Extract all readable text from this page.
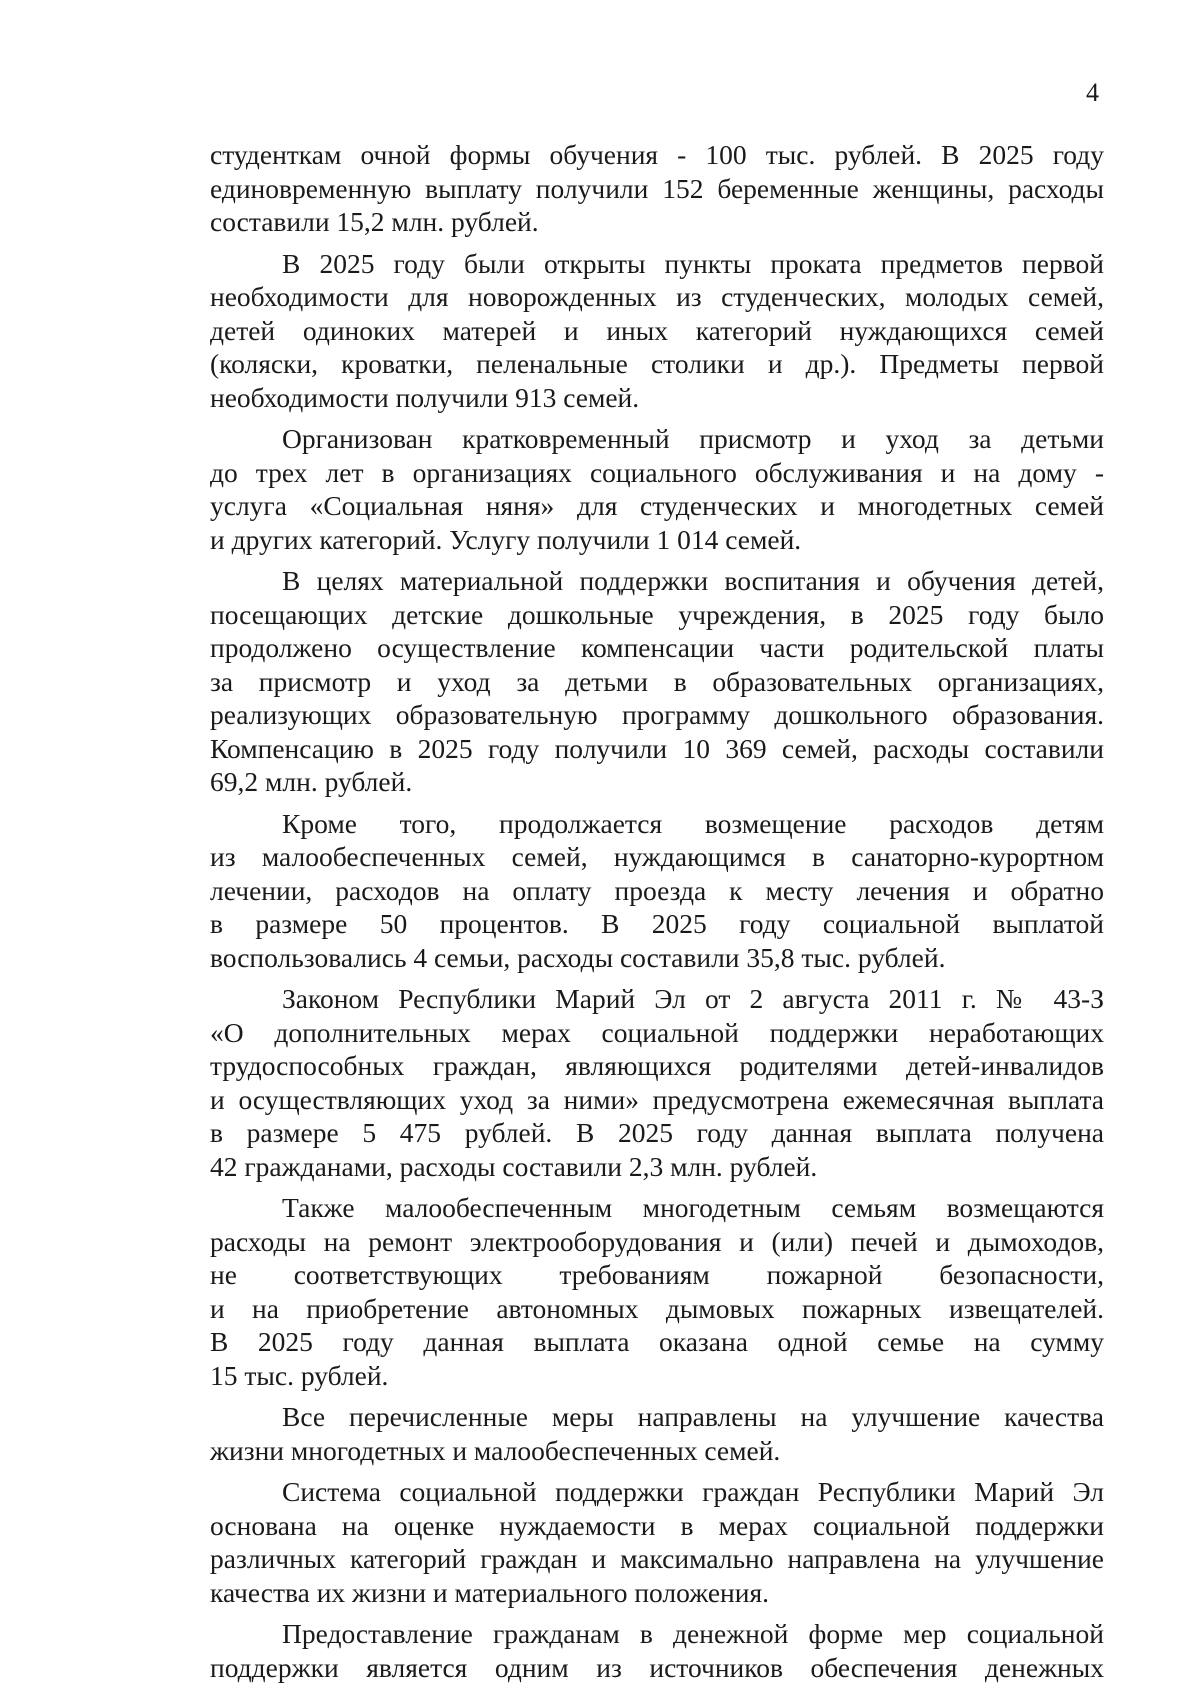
4
студенткам очной формы обучения - 100 тыс. рублей. В 2025 году
единовременную выплату получили 152 беременные женщины, расходы
составили 15,2 млн. рублей.
В 2025 году были открыты пункты проката предметов первой
необходимости для новорожденных из студенческих, молодых семей,
детей одиноких матерей и иных категорий нуждающихся семей
(коляски, кроватки, пеленальные столики и др.). Предметы первой
необходимости получили 913 семей.
Организован кратковременный присмотр и уход за детьми
до трех лет в организациях социального обслуживания и на дому -
услуга «Социальная няня» для студенческих и многодетных семей
и других категорий. Услугу получили 1 014 семей.
В целях материальной поддержки воспитания и обучения детей,
посещающих детские дошкольные учреждения, в 2025 году было
продолжено осуществление компенсации части родительской платы
за присмотр и уход за детьми в образовательных организациях,
реализующих образовательную программу дошкольного образования.
Компенсацию в 2025 году получили 10 369 семей, расходы составили
69,2 млн. рублей.
Кроме того, продолжается возмещение расходов детям
из малообеспеченных семей, нуждающимся в санаторно-курортном
лечении, расходов на оплату проезда к месту лечения и обратно
в размере 50 процентов. В 2025 году социальной выплатой
воспользовались 4 семьи, расходы составили 35,8 тыс. рублей.
Законом Республики Марий Эл от 2 августа 2011 г. № 43-З
«О дополнительных мерах социальной поддержки неработающих
трудоспособных граждан, являющихся родителями детей-инвалидов
и осуществляющих уход за ними» предусмотрена ежемесячная выплата
в размере 5 475 рублей. В 2025 году данная выплата получена
42 гражданами, расходы составили 2,3 млн. рублей.
Также малообеспеченным многодетным семьям возмещаются
расходы на ремонт электрооборудования и (или) печей и дымоходов,
не соответствующих требованиям пожарной безопасности,
и на приобретение автономных дымовых пожарных извещателей.
В 2025 году данная выплата оказана одной семье на сумму
15 тыс. рублей.
Все перечисленные меры направлены на улучшение качества
жизни многодетных и малообеспеченных семей.
Система социальной поддержки граждан Республики Марий Эл
основана на оценке нуждаемости в мерах социальной поддержки
различных категорий граждан и максимально направлена на улучшение
качества их жизни и материального положения.
Предоставление гражданам в денежной форме мер социальной
поддержки является одним из источников обеспечения денежных
